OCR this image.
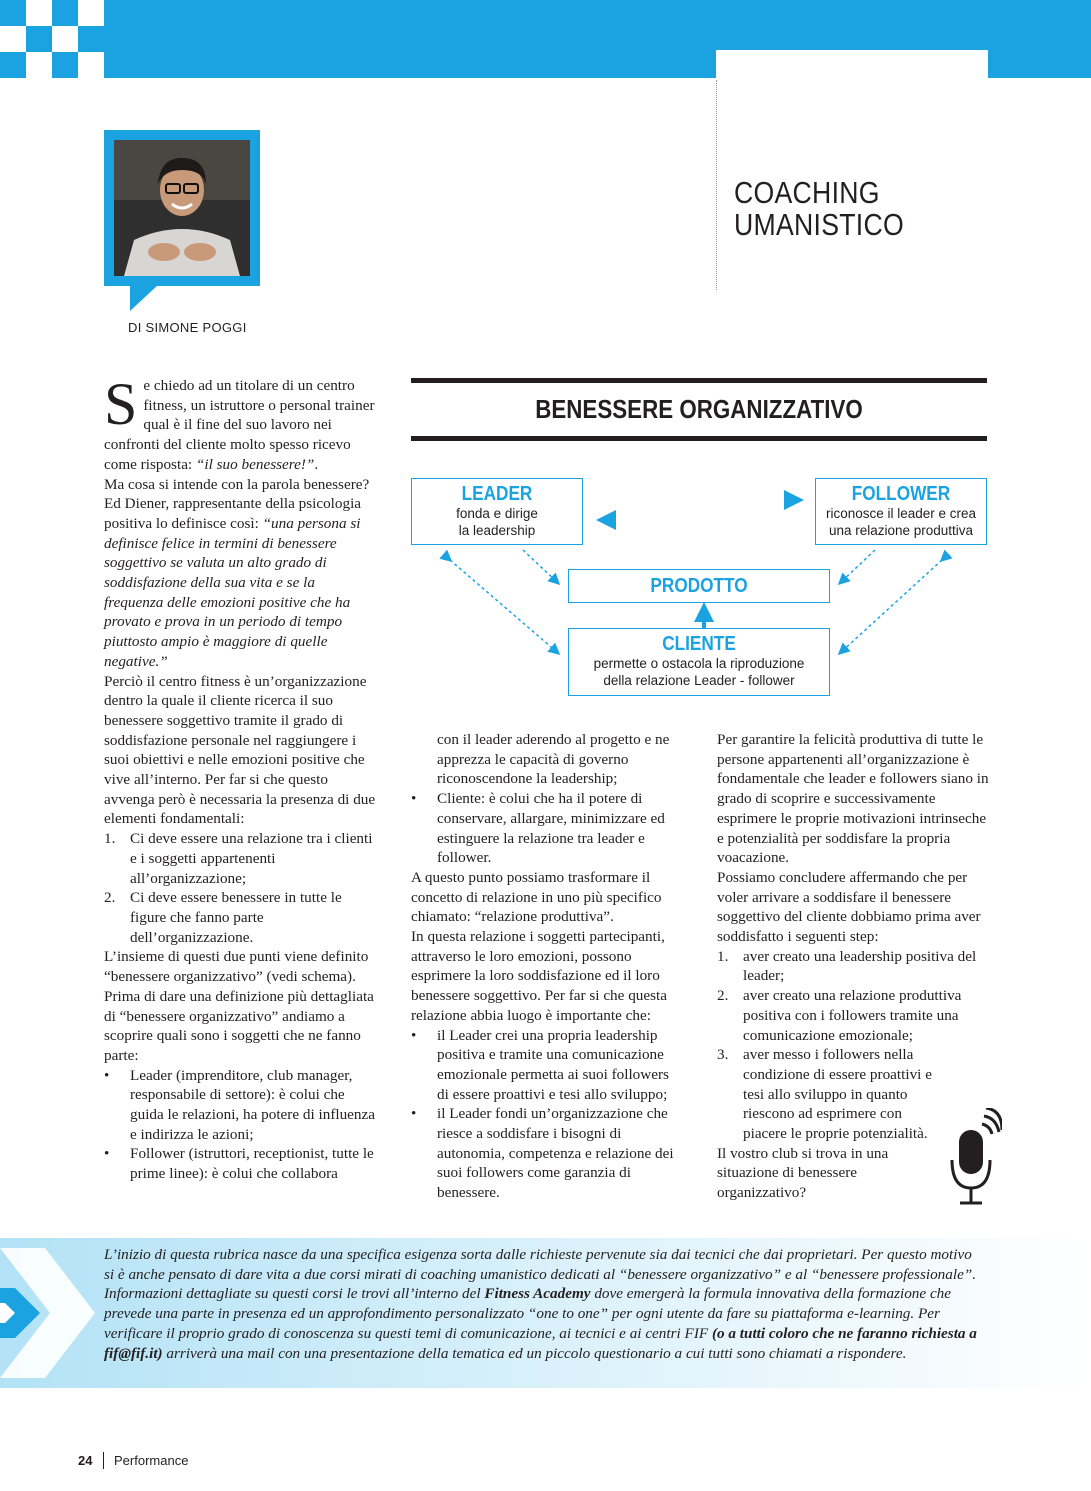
COACHING
UMANISTICO
DI SIMONE POGGI

Se chiedo ad un titolare di un centro fitness, un istruttore o personal trainer qual è il fine del suo lavoro nei confronti del cliente molto spesso ricevo come risposta: “il suo benessere!”.

Ma cosa si intende con la parola benessere?

Ed Diener, rappresentante della psicologia positiva lo definisce così: “una persona si definisce felice in termini di benessere soggettivo se valuta un alto grado di soddisfazione della sua vita e se la frequenza delle emozioni positive che ha provato e prova in un periodo di tempo piuttosto ampio è maggiore di quelle negative.”

Perciò il centro fitness è un’organizzazione dentro la quale il cliente ricerca il suo benessere soggettivo tramite il grado di soddisfazione personale nel raggiungere i suoi obiettivi e nelle emozioni positive che vive all’interno. Per far si che questo avvenga però è necessaria la presenza di due elementi fondamentali:

1. Ci deve essere una relazione tra i clienti e i soggetti appartenenti all’organizzazione;
2. Ci deve essere benessere in tutte le figure che fanno parte dell’organizzazione.

L’insieme di questi due punti viene definito “benessere organizzativo” (vedi schema). Prima di dare una definizione più dettagliata di “benessere organizzativo” andiamo a scoprire quali sono i soggetti che ne fanno parte:

• Leader (imprenditore, club manager, responsabile di settore): è colui che guida le relazioni, ha potere di influenza e indirizza le azioni;
• Follower (istruttori, receptionist, tutte le prime linee): è colui che collabora
BENESSERE ORGANIZZATIVO
LEADER
fonda e dirige
la leadership
FOLLOWER
riconosce il leader e crea
una relazione produttiva
PRODOTTO
CLIENTE
permette o ostacola la riproduzione
della relazione Leader - follower

con il leader aderendo al progetto e ne apprezza le capacità di governo riconoscendone la leadership;

• Cliente: è colui che ha il potere di conservare, allargare, minimizzare ed estinguere la relazione tra leader e follower.

A questo punto possiamo trasformare il concetto di relazione in uno più specifico chiamato: “relazione produttiva”.

In questa relazione i soggetti partecipanti, attraverso le loro emozioni, possono esprimere la loro soddisfazione ed il loro benessere soggettivo. Per far si che questa relazione abbia luogo è importante che:

• il Leader crei una propria leadership positiva e tramite una comunicazione emozionale permetta ai suoi followers di essere proattivi e tesi allo sviluppo;
• il Leader fondi un’organizzazione che riesce a soddisfare i bisogni di autonomia, competenza e relazione dei suoi followers come garanzia di benessere.

Per garantire la felicità produttiva di tutte le persone appartenenti all’organizzazione è fondamentale che leader e followers siano in grado di scoprire e successivamente esprimere le proprie motivazioni intrinseche e potenzialità per soddisfare la propria voacazione.

Possiamo concludere affermando che per voler arrivare a soddisfare il benessere soggettivo del cliente dobbiamo prima aver soddisfatto i seguenti step:

1. aver creato una leadership positiva del leader;
2. aver creato una relazione produttiva positiva con i followers tramite una comunicazione emozionale;
3. aver messo i followers nella condizione di essere proattivi e tesi allo sviluppo in quanto riescono ad esprimere con piacere le proprie potenzialità.

Il vostro club si trova in una situazione di benessere organizzativo?

L’inizio di questa rubrica nasce da una specifica esigenza sorta dalle richieste pervenute sia dai tecnici che dai proprietari. Per questo motivo si è anche pensato di dare vita a due corsi mirati di coaching umanistico dedicati al “benessere organizzativo” e al “benessere professionale”. Informazioni dettagliate su questi corsi le trovi all’interno del Fitness Academy dove emergerà la formula innovativa della formazione che prevede una parte in presenza ed un approfondimento personalizzato “one to one” per ogni utente da fare su piattaforma e-learning. Per verificare il proprio grado di conoscenza su questi temi di comunicazione, ai tecnici e ai centri FIF (o a tutti coloro che ne faranno richiesta a fif@fif.it) arriverà una mail con una presentazione della tematica ed un piccolo questionario a cui tutti sono chiamati a rispondere.
24 Performance
